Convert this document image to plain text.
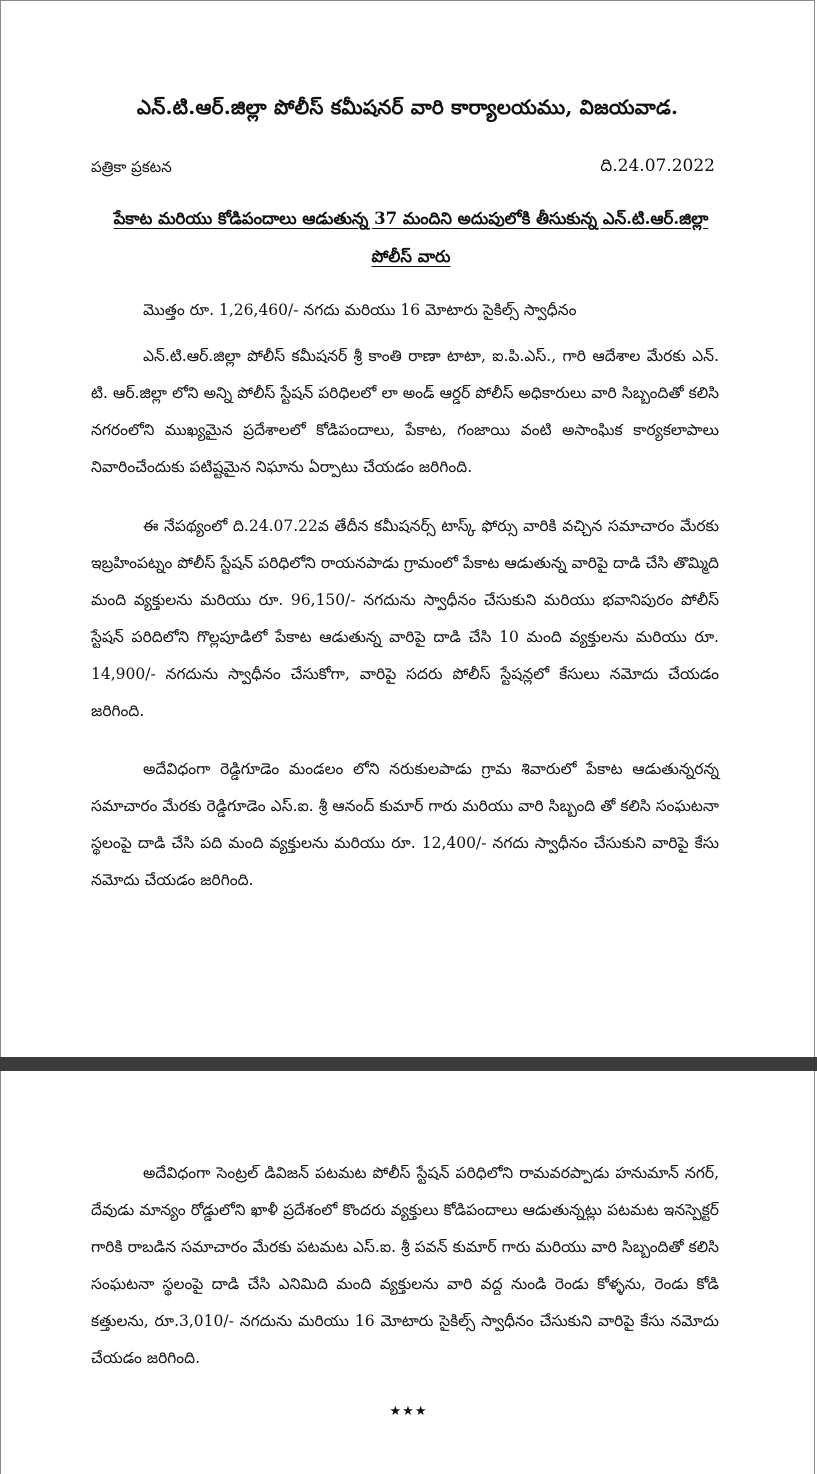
ఎన్.టి.ఆర్.జిల్లా పోలీస్ కమీషనర్ వారి కార్యాలయము, విజయవాడ.
పత్రికా ప్రకటన	ది.24.07.2022
పేకాట మరియు కోడిపందాలు ఆడుతున్న 37 మందిని అదుపులోకి తీసుకున్న ఎన్.టి.ఆర్.జిల్లా పోలీస్ వారు
మొత్తం రూ. 1,26,460/- నగదు మరియు 16 మోటారు సైకిల్స్ స్వాధీనం

ఎన్.టి.ఆర్.జిల్లా పోలీస్ కమీషనర్ శ్రీ కాంతి రాణా టాటా, ఐ.పి.ఎస్., గారి ఆదేశాల మేరకు ఎన్. టి. ఆర్.జిల్లా లోని అన్ని పోలీస్ స్టేషన్ పరిధిలలో లా అండ్ ఆర్డర్ పోలీస్ అధికారులు వారి సిబ్బందితో కలిసి నగరంలోని ముఖ్యమైన ప్రదేశాలలో కోడిపందాలు, పేకాట, గంజాయి వంటి అసాంఘిక కార్యకలాపాలు నివారించేందుకు పటిష్టమైన నిఘాను ఏర్పాటు చేయడం జరిగింది.

ఈ నేపథ్యంలో ది.24.07.22వ తేదీన కమీషనర్స్ టాస్క్ ఫోర్సు వారికి వచ్చిన సమాచారం మేరకు ఇబ్రహింపట్నం పోలీస్ స్టేషన్ పరిధిలోని రాయనపాడు గ్రామంలో పేకాట ఆడుతున్న వారిపై దాడి చేసి తొమ్మిది మంది వ్యక్తులను మరియు రూ. 96,150/- నగదును స్వాధీనం చేసుకుని మరియు భవానిపురం పోలీస్ స్టేషన్ పరిదిలోని గొల్లపూడిలో పేకాట ఆడుతున్న వారిపై దాడి చేసి 10 మంది వ్యక్తులను మరియు రూ. 14,900/- నగదును స్వాధీనం చేసుకోగా, వారిపై సదరు పోలీస్ స్టేషన్లలో కేసులు నమోదు చేయడం జరిగింది.

అదేవిధంగా రెడ్డిగూడెం మండలం లోని నరుకులపాడు గ్రామ శివారులో పేకాట ఆడుతున్నరన్న సమాచారం మేరకు రెడ్డిగూడెం ఎస్.ఐ. శ్రీ ఆనంద్ కుమార్ గారు మరియు వారి సిబ్బంది తో కలిసి సంఘటనా స్థలంపై దాడి చేసి పది మంది వ్యక్తులను మరియు రూ. 12,400/- నగదు స్వాధీనం చేసుకుని వారిపై కేసు నమోదు చేయడం జరిగింది.

అదేవిధంగా సెంట్రల్ డివిజన్ పటమట పోలీస్ స్టేషన్ పరిధిలోని రామవరప్పాడు హనుమాన్ నగర్, దేవుడు మాన్యం రోడ్డులోని ఖాళీ ప్రదేశంలో కొందరు వ్యక్తులు కోడిపందాలు ఆడుతున్నట్లు పటమట ఇనస్పెక్టర్ గారికి రాబడిన సమాచారం మేరకు పటమట ఎస్.ఐ. శ్రీ పవన్ కుమార్ గారు మరియు వారి సిబ్బందితో కలిసి సంఘటనా స్థలంపై దాడి చేసి ఎనిమిది మంది వ్యక్తులను వారి వద్ద నుండి రెండు కోళ్ళను, రెండు కోడి కత్తులను, రూ.3,010/- నగదును మరియు 16 మోటారు సైకిల్స్ స్వాధీనం చేసుకుని వారిపై కేసు నమోదు చేయడం జరిగింది.

★★★
